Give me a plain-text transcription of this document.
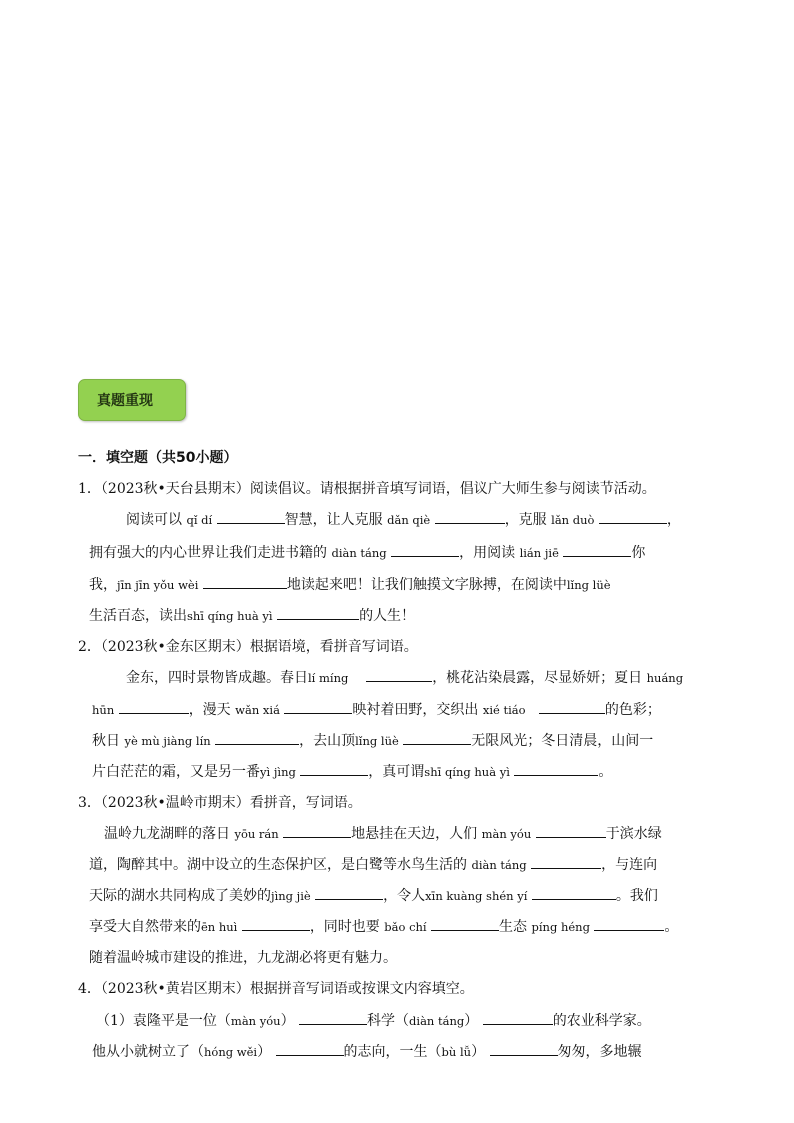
真题重现
一．填空题（共50小题）
1．（2023秋•天台县期末）阅读倡议。请根据拼音填写词语，倡议广大师生参与阅读节活动。
阅读可以 qǐ dí	智慧，让人克服 dǎn qiè	，克服 lǎn duò	，
拥有强大的内心世界让我们走进书籍的 diàn táng	，用阅读 lián jiē	你
我，jīn jīn yǒu wèi	地读起来吧！让我们触摸文字脉搏，在阅读中lǐng lüè
生活百态，读出shī qíng huà yì	的人生！
2．（2023秋•金东区期末）根据语境，看拼音写词语。
金东，四时景物皆成趣。春日lí míng	，桃花沾染晨露，尽显娇妍；夏日 huáng
hūn	，漫天 wǎn xiá	映衬着田野，交织出 xié tiáo	的色彩；
秋日 yè mù jiàng lín	，去山顶lǐng lüè	无限风光；冬日清晨，山间一
片白茫茫的霜，又是另一番yì jìng	，真可谓shī qíng huà yì	。
3．（2023秋•温岭市期末）看拼音，写词语。
温岭九龙湖畔的落日 yōu rán	地悬挂在天边，人们 màn yóu	于滨水绿
道，陶醉其中。湖中设立的生态保护区，是白鹭等水鸟生活的 diàn táng	，与连向
天际的湖水共同构成了美妙的jìng jiè	，令人xīn kuàng shén yí	。我们
享受大自然带来的ēn huì	，同时也要 bǎo chí	生态 píng héng	。
随着温岭城市建设的推进，九龙湖必将更有魅力。
4．（2023秋•黄岩区期末）根据拼音写词语或按课文内容填空。
（1）袁隆平是一位（màn yóu）	科学（diàn táng）	的农业科学家。
他从小就树立了（hóng wěi）	的志向，一生（bù lǚ）	匆匆，多地辗
